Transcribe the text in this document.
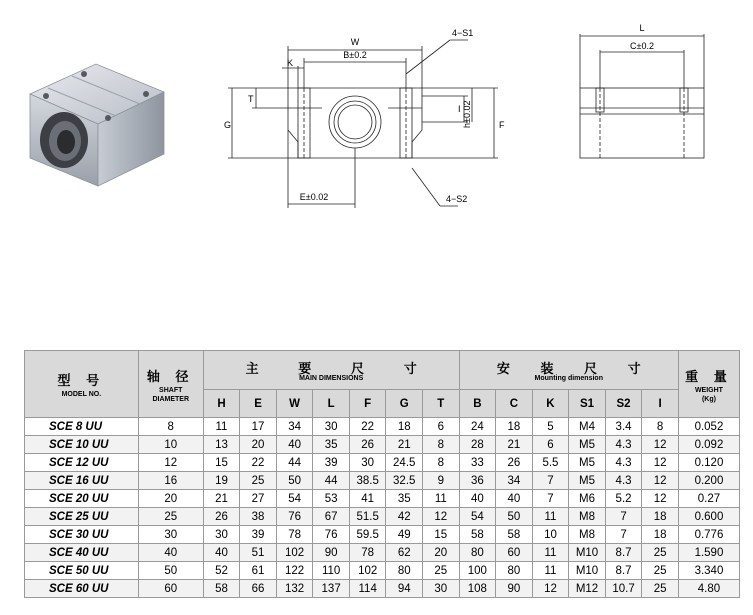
W
B±0.2
K
4−S1
T
G
I h±0.02	F
E±0.02	4−S2
L
C±0.2
型 号
MODEL NO.	轴 径
SHAFT
DIAMETER	主 要 尺 寸
MAIN DIMENSIONS							安 装 尺 寸
Mounting dimension						重 量
WEIGHT
(Kg)

		H	E	W	L	F	G	T	B	C	K	S1	S2	I	
SCE 8 UU	8	11	17	34	30	22	18	6	24	18	5	M4	3.4	8	0.052
SCE 10 UU	10	13	20	40	35	26	21	8	28	21	6	M5	4.3	12	0.092
SCE 12 UU	12	15	22	44	39	30	24.5	8	33	26	5.5	M5	4.3	12	0.120
SCE 16 UU	16	19	25	50	44	38.5	32.5	9	36	34	7	M5	4.3	12	0.200
SCE 20 UU	20	21	27	54	53	41	35	11	40	40	7	M6	5.2	12	0.27
SCE 25 UU	25	26	38	76	67	51.5	42	12	54	50	11	M8	7	18	0.600
SCE 30 UU	30	30	39	78	76	59.5	49	15	58	58	10	M8	7	18	0.776
SCE 40 UU	40	40	51	102	90	78	62	20	80	60	11	M10	8.7	25	1.590
SCE 50 UU	50	52	61	122	110	102	80	25	100	80	11	M10	8.7	25	3.340
SCE 60 UU	60	58	66	132	137	114	94	30	108	90	12	M12	10.7	25	4.80
